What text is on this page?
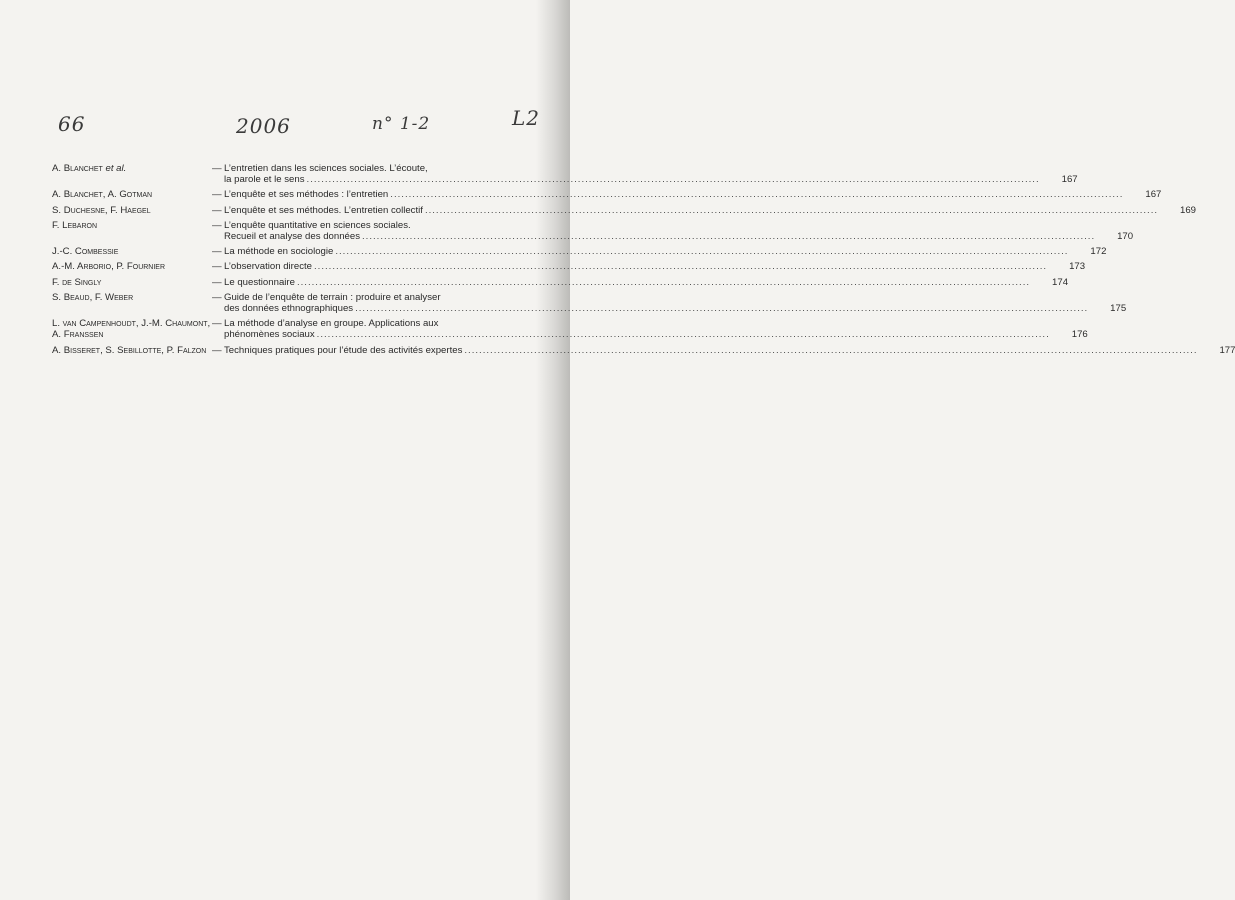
66	2006	n° 1-2	L2
A. Blanchet et al.	— L’entretien dans les sciences sociales. L’écoute,
la parole et le sens ........................................................................................................................................................................................................	167
A. Blanchet, A. Gotman	— L’enquête et ses méthodes : l’entretien ........................................................................................................................................................................................................	167
S. Duchesne, F. Haegel	— L’enquête et ses méthodes. L’entretien collectif ........................................................................................................................................................................................................	169
F. Lebaron	— L’enquête quantitative en sciences sociales.
Recueil et analyse des données ........................................................................................................................................................................................................	170
J.-C. Combessie	— La méthode en sociologie ........................................................................................................................................................................................................	172
A.-M. Arborio, P. Fournier	— L’observation directe ........................................................................................................................................................................................................	173
F. de Singly	— Le questionnaire ........................................................................................................................................................................................................	174
S. Beaud, F. Weber	— Guide de l’enquête de terrain : produire et analyser
des données ethnographiques ........................................................................................................................................................................................................	175
L. van Campenhoudt, J.-M. Chaumont, A. Franssen
— La méthode d’analyse en groupe. Applications aux
phénomènes sociaux ........................................................................................................................................................................................................	176
A. Bisseret, S. Sebillotte, P. Falzon — Techniques pratiques pour l’étude des activités expertes ........................................................................................................................................................................................................	177
